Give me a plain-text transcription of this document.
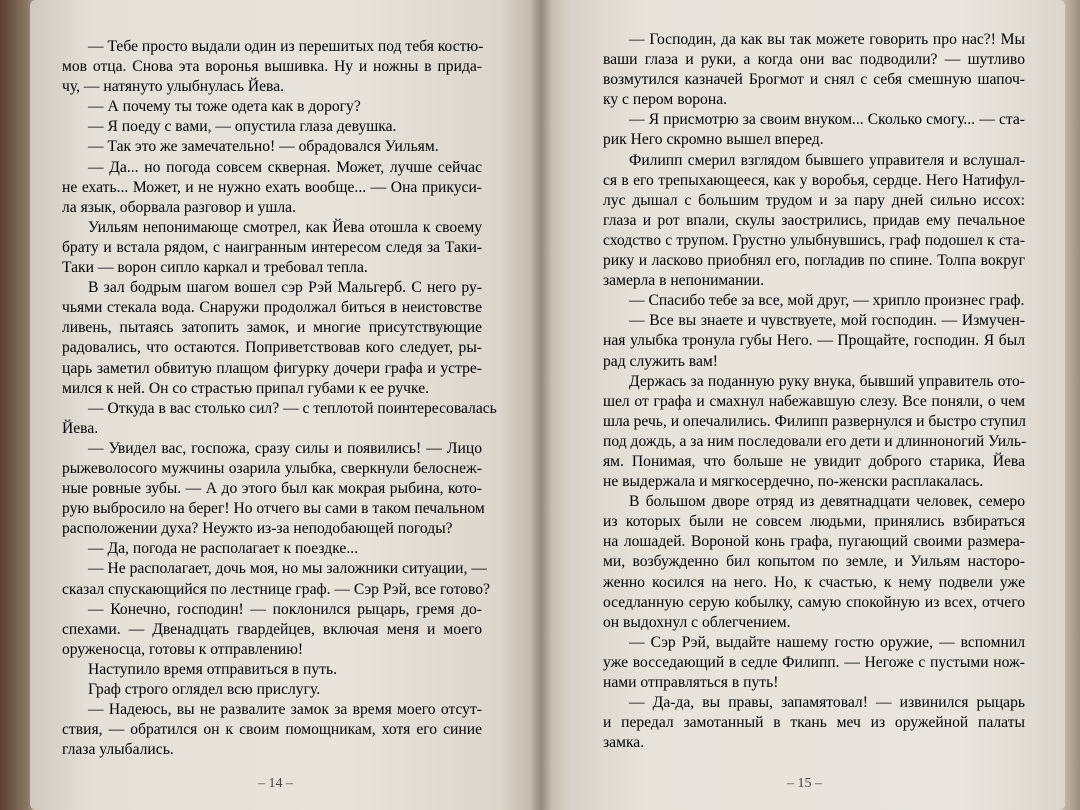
— Тебе просто выдали один из перешитых под тебя костю-
мов отца. Снова эта воронья вышивка. Ну и ножны в прида-
чу, — натянуто улыбнулась Йева.
— А почему ты тоже одета как в дорогу?
— Я поеду с вами, — опустила глаза девушка.
— Так это же замечательно! — обрадовался Уильям.
— Да... но погода совсем скверная. Может, лучше сейчас
не ехать... Может, и не нужно ехать вообще... — Она прикуси-
ла язык, оборвала разговор и ушла.
Уильям непонимающе смотрел, как Йева отошла к своему
брату и встала рядом, с наигранным интересом следя за Таки-
Таки — ворон сипло каркал и требовал тепла.
В зал бодрым шагом вошел сэр Рэй Мальгерб. С него ру-
чьями стекала вода. Снаружи продолжал биться в неистовстве
ливень, пытаясь затопить замок, и многие присутствующие
радовались, что остаются. Поприветствовав кого следует, ры-
царь заметил обвитую плащом фигурку дочери графа и устре-
мился к ней. Он со страстью припал губами к ее ручке.
— Откуда в вас столько сил? — с теплотой поинтересовалась
Йева.
— Увидел вас, госпожа, сразу силы и появились! — Лицо
рыжеволосого мужчины озарила улыбка, сверкнули белоснеж-
ные ровные зубы. — А до этого был как мокрая рыбина, кото-
рую выбросило на берег! Но отчего вы сами в таком печальном
расположении духа? Неужто из-за неподобающей погоды?
— Да, погода не располагает к поездке...
— Не располагает, дочь моя, но мы заложники ситуации, —
сказал спускающийся по лестнице граф. — Сэр Рэй, все готово?
— Конечно, господин! — поклонился рыцарь, гремя до-
спехами. — Двенадцать гвардейцев, включая меня и моего
оруженосца, готовы к отправлению!
Наступило время отправиться в путь.
Граф строго оглядел всю прислугу.
— Надеюсь, вы не развалите замок за время моего отсут-
ствия, — обратился он к своим помощникам, хотя его синие
глаза улыбались.
— Господин, да как вы так можете говорить про нас?! Мы
ваши глаза и руки, а когда они вас подводили? — шутливо
возмутился казначей Брогмот и снял с себя смешную шапоч-
ку с пером ворона.
— Я присмотрю за своим внуком... Сколько смогу... — ста-
рик Него скромно вышел вперед.
Филипп смерил взглядом бывшего управителя и вслушал-
ся в его трепыхающееся, как у воробья, сердце. Него Натифул-
лус дышал с большим трудом и за пару дней сильно иссох:
глаза и рот впали, скулы заострились, придав ему печальное
сходство с трупом. Грустно улыбнувшись, граф подошел к ста-
рику и ласково приобнял его, погладив по спине. Толпа вокруг
замерла в непонимании.
— Спасибо тебе за все, мой друг, — хрипло произнес граф.
— Все вы знаете и чувствуете, мой господин. — Измучен-
ная улыбка тронула губы Него. — Прощайте, господин. Я был
рад служить вам!
Держась за поданную руку внука, бывший управитель ото-
шел от графа и смахнул набежавшую слезу. Все поняли, о чем
шла речь, и опечалились. Филипп развернулся и быстро ступил
под дождь, а за ним последовали его дети и длинноногий Уиль-
ям. Понимая, что больше не увидит доброго старика, Йева
не выдержала и мягкосердечно, по-женски расплакалась.
В большом дворе отряд из девятнадцати человек, семеро
из которых были не совсем людьми, принялись взбираться
на лошадей. Вороной конь графа, пугающий своими размера-
ми, возбужденно бил копытом по земле, и Уильям насторо-
женно косился на него. Но, к счастью, к нему подвели уже
оседланную серую кобылку, самую спокойную из всех, отчего
он выдохнул с облегчением.
— Сэр Рэй, выдайте нашему гостю оружие, — вспомнил
уже восседающий в седле Филипп. — Негоже с пустыми нож-
нами отправляться в путь!
— Да-да, вы правы, запамятовал! — извинился рыцарь
и передал замотанный в ткань меч из оружейной палаты
замка.
– 14 –	– 15 –
